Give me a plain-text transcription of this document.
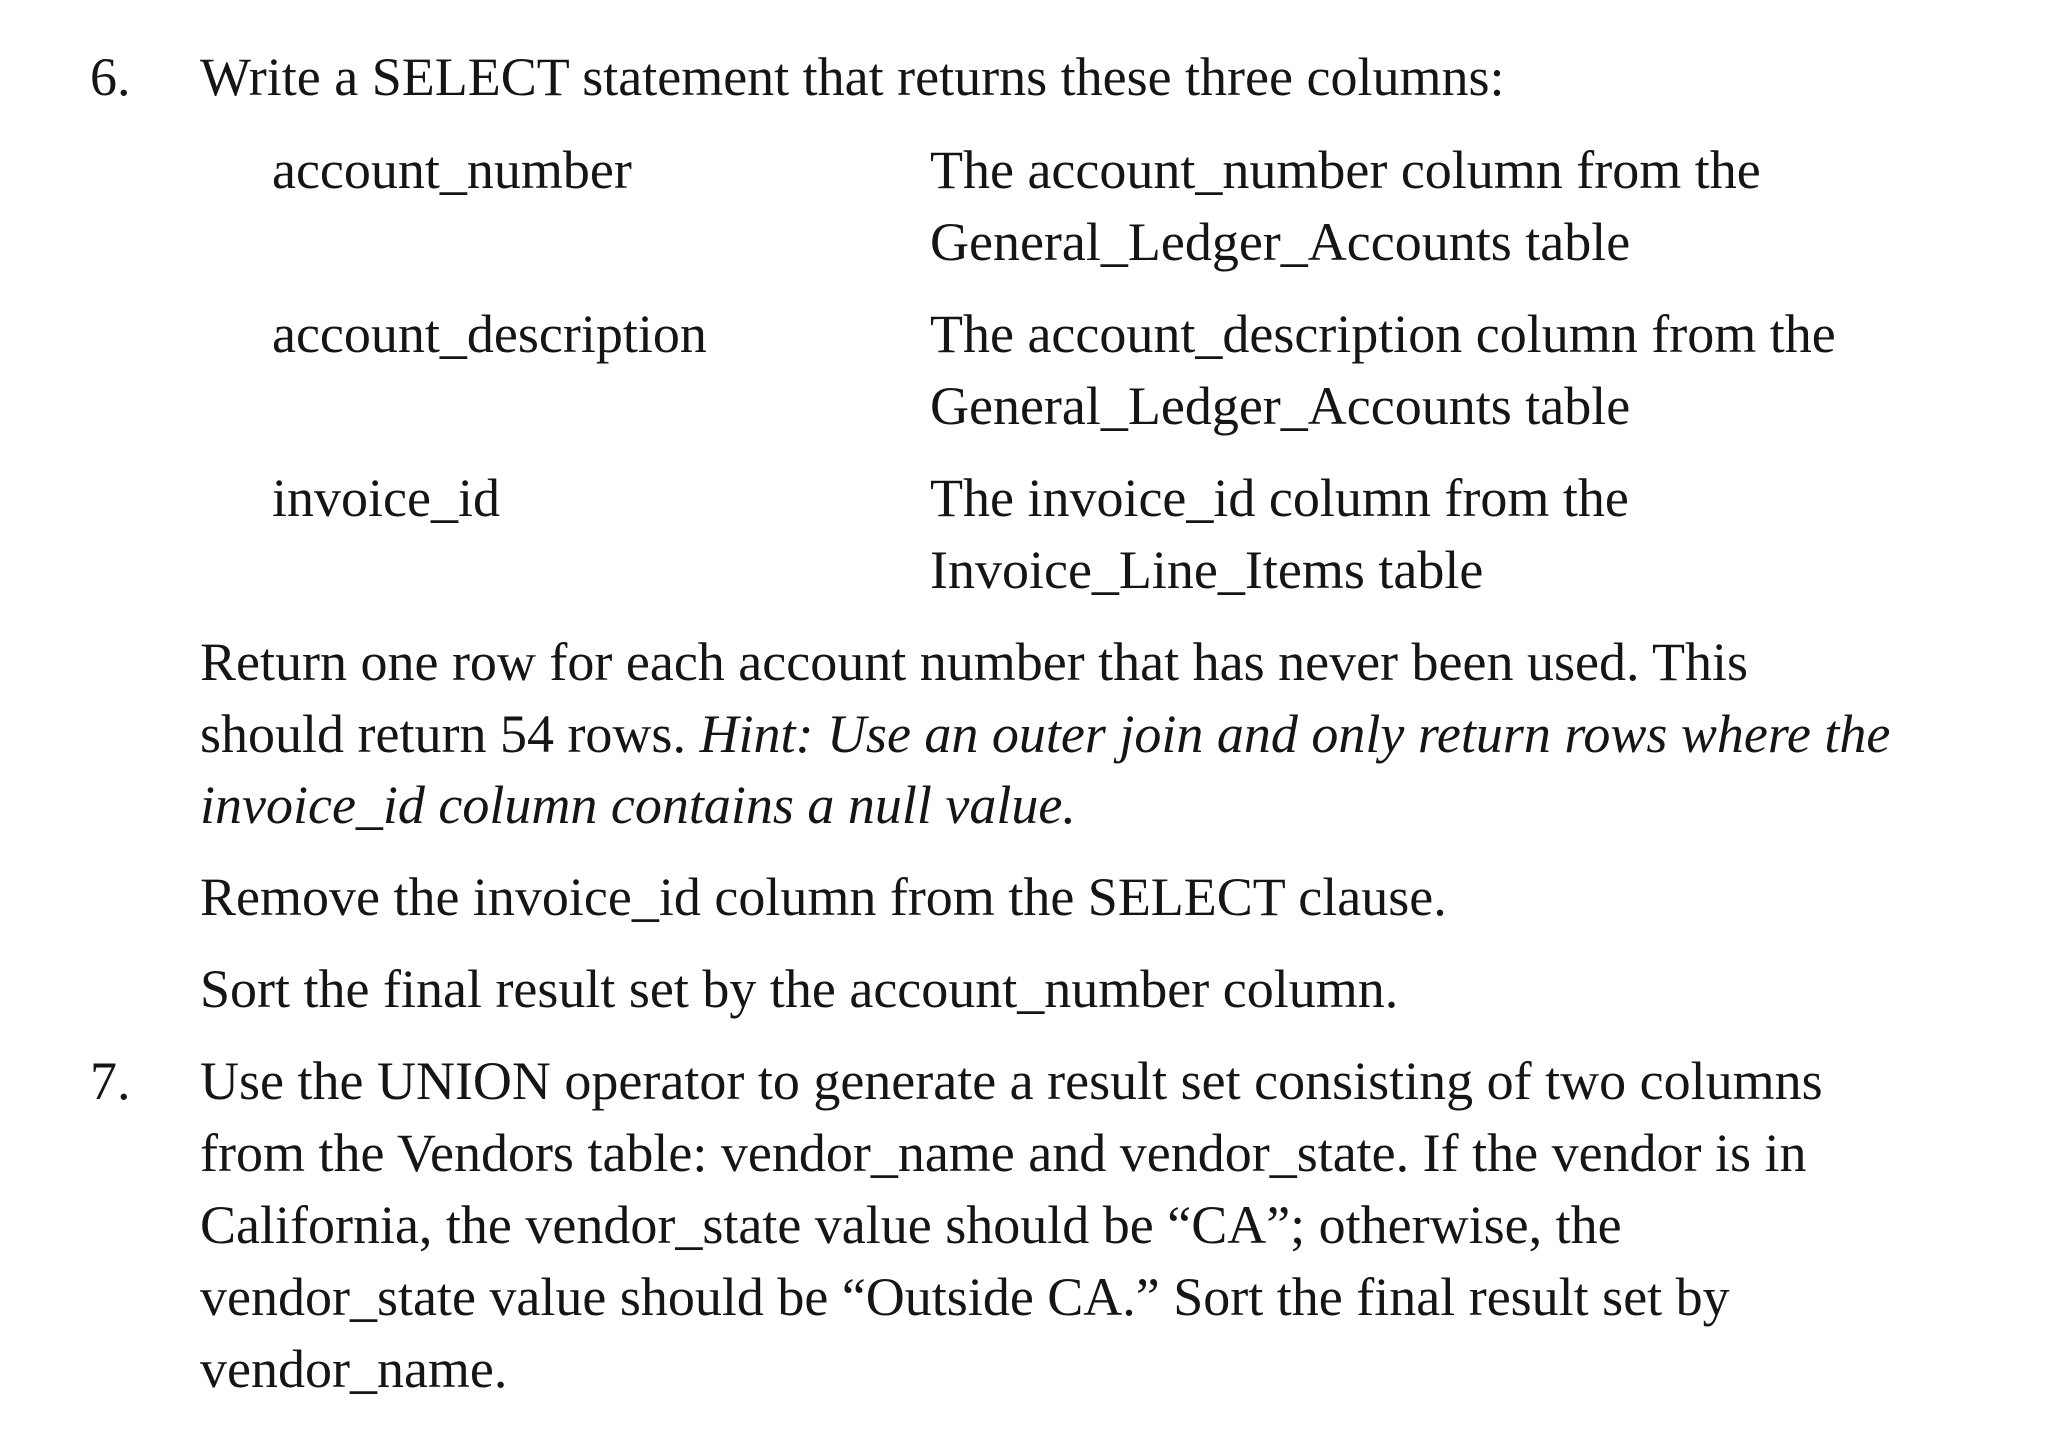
6. Write a SELECT statement that returns these three columns:
account_number	The account_number column from the
General_Ledger_Accounts table
account_description	The account_description column from the
General_Ledger_Accounts table
invoice_id	The invoice_id column from the
Invoice_Line_Items table
Return one row for each account number that has never been used. This
should return 54 rows. Hint: Use an outer join and only return rows where the
invoice_id column contains a null value.
Remove the invoice_id column from the SELECT clause.
Sort the final result set by the account_number column.
7. Use the UNION operator to generate a result set consisting of two columns
from the Vendors table: vendor_name and vendor_state. If the vendor is in
California, the vendor_state value should be “CA”; otherwise, the
vendor_state value should be “Outside CA.” Sort the final result set by
vendor_name.
